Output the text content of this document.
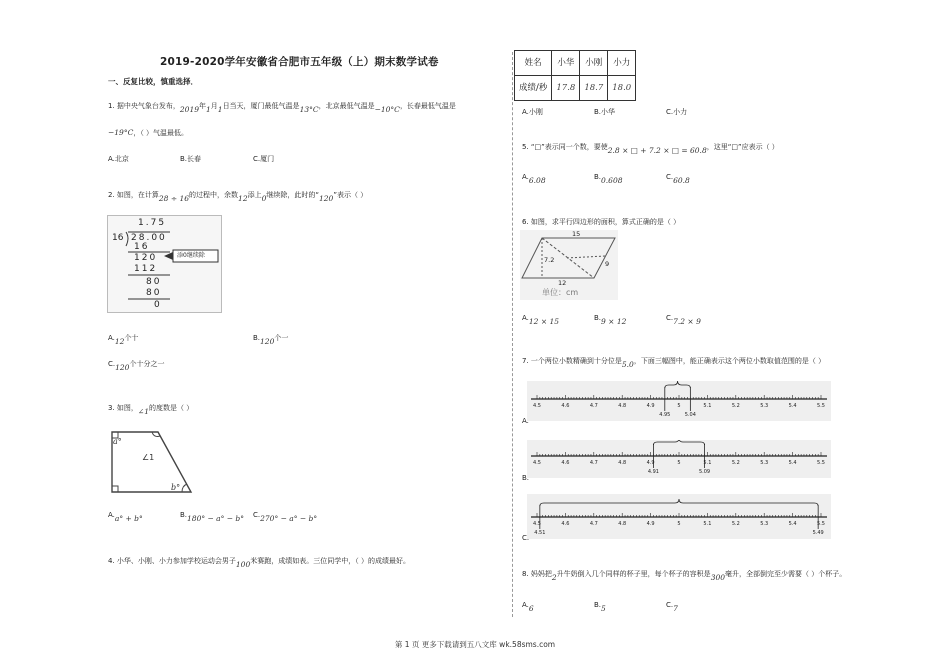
2019-2020学年安徽省合肥市五年级（上）期末数学试卷
一、反复比较，慎重选择．
1. 据中央气象台发布，2019年1月1日当天，厦门最低气温是13°C，北京最低气温是−10°C，长春最低气温是
−19°C，（ ）气温最低。
A.北京	B.长春	C.厦门
2. 如图，在计算28 ÷ 16的过程中，余数12添上0继续除，此时的“120”表示（ ）
1.75
16 28.00
16
120
112
80
80
0
添0继续除
A.12个十	B.120个一
C.120个十分之一
3. 如图，∠1的度数是（ ）
a°
∠1
b°
A.a° + b°	B.180° − a° − b° C.270° − a° − b°
4. 小华、小刚、小力参加学校运动会男子100米赛跑，成绩如表。三位同学中，（ ）的成绩最好。
姓名	小华	小刚	小力
成绩/秒	17.8	18.7	18.0
A.小刚	B.小华	C.小力
5. “□”表示同一个数，要使2.8 × □ + 7.2 × □ = 60.8，这里“□”应表示（ ）
A.6.08	B.0.608	C.60.8
6. 如图，求平行四边形的面积，算式正确的是（ ）
15
12
7.2	9
单位：cm
A.12 × 15	B.9 × 12	C.7.2 × 9
7. 一个两位小数精确到十分位是5.0，下面三幅图中，能正确表示这个两位小数取值范围的是（ ）
4.5	4.6	4.7	4.8	4.9	5	5.1	5.2	5.3	5.4	5.5
4.95	5.04
A.
4.5	4.6	4.7	4.8	4.9	5	5.1	5.2	5.3	5.4	5.5
4.91	5.09
B.
4.5	4.6	4.7	4.8	4.9	5	5.1	5.2	5.3	5.4	5.5
4.51	5.49
C.
8. 妈妈把2升牛奶倒入几个同样的杯子里，每个杯子的容积是300毫升，全部倒完至少需要（ ）个杯子。
A.6	B.5	C.7
第 1 页 更多下载请到五八文库 wk.58sms.com
